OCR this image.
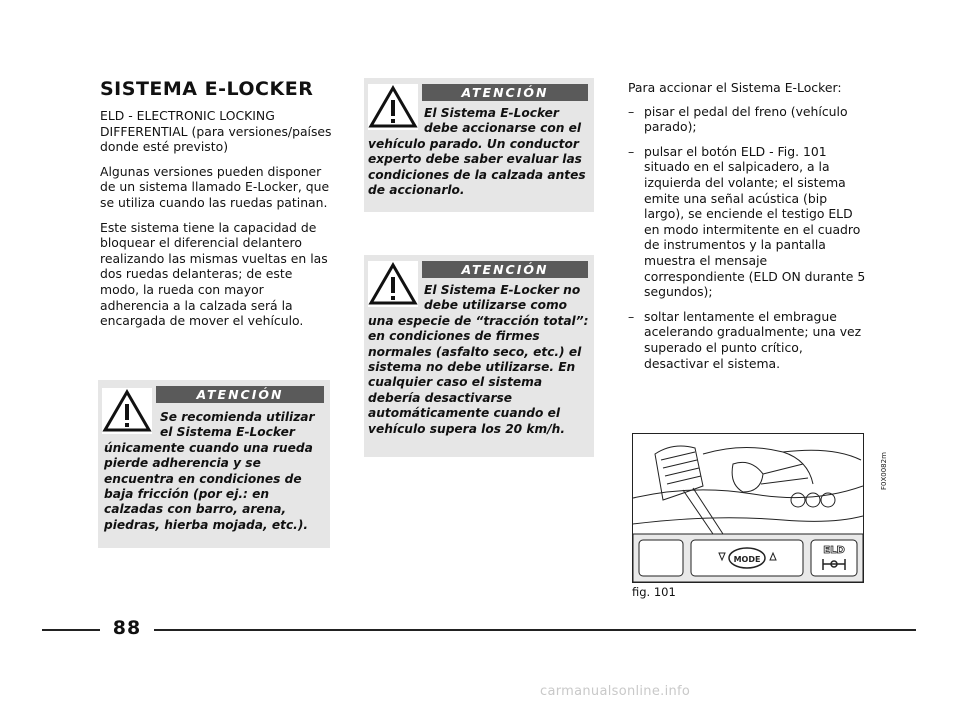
SISTEMA E-LOCKER

ELD - ELECTRONIC LOCKING DIFFERENTIAL (para versiones/países donde esté previsto)

Algunas versiones pueden disponer de un sistema llamado E-Locker, que se utiliza cuando las ruedas patinan.

Este sistema tiene la capacidad de bloquear el diferencial delantero realizando las mismas vueltas en las dos ruedas delanteras; de este modo, la rueda con mayor adherencia a la calzada será la encargada de mover el vehículo.

ATENCIÓN
Se recomienda utilizar el Sistema E-Locker
únicamente cuando una rueda pierde adherencia y se encuentra en condiciones de baja fricción (por ej.: en calzadas con barro, arena, piedras, hierba mojada, etc.).
ATENCIÓN
El Sistema E-Locker debe accionarse con el
vehículo parado. Un conductor experto debe saber evaluar las condiciones de la calzada antes de accionarlo.
ATENCIÓN
El Sistema E-Locker no debe utilizarse como
una especie de “tracción total”: en condiciones de firmes normales (asfalto seco, etc.) el sistema no debe utilizarse. En cualquier caso el sistema debería desactivarse automáticamente cuando el vehículo supera los 20 km/h.

Para accionar el Sistema E-Locker:

– pisar el pedal del freno (vehículo parado);
– pulsar el botón ELD - Fig. 101 situado en el salpicadero, a la izquierda del volante; el sistema emite una señal acústica (bip largo), se enciende el testigo ELD en modo intermitente en el cuadro de instrumentos y la pantalla muestra el mensaje correspondiente (ELD ON durante 5 segundos);
– soltar lentamente el embrague acelerando gradualmente; una vez superado el punto crítico, desactivar el sistema.
MODE
ELD
F0X0082m
fig. 101
88
carmanualsonline.info
